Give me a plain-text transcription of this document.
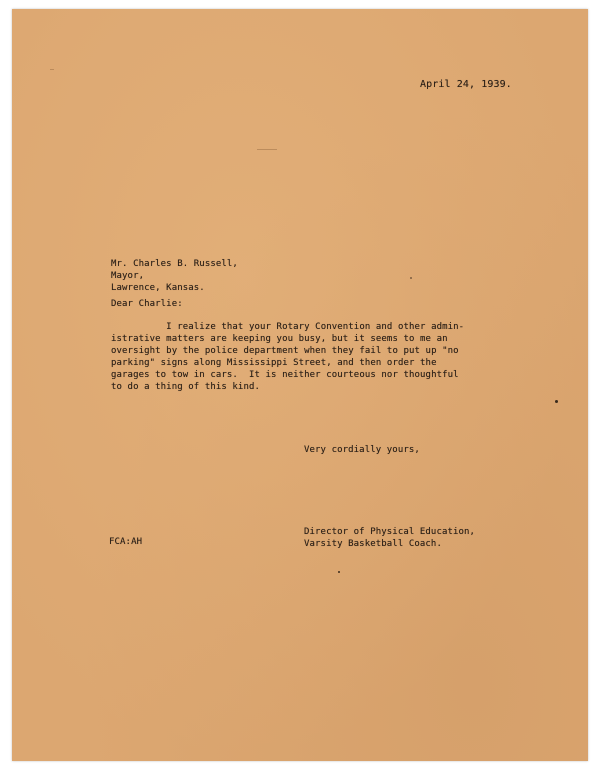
April 24, 1939.
Mr. Charles B. Russell,
Mayor,
Lawrence, Kansas.
Dear Charlie:
I realize that your Rotary Convention and other admin-
istrative matters are keeping you busy, but it seems to me an
oversight by the police department when they fail to put up "no
parking" signs along Mississippi Street, and then order the
garages to tow in cars.  It is neither courteous nor thoughtful
to do a thing of this kind.
Very cordially yours,
FCA:AH
Director of Physical Education,
Varsity Basketball Coach.
